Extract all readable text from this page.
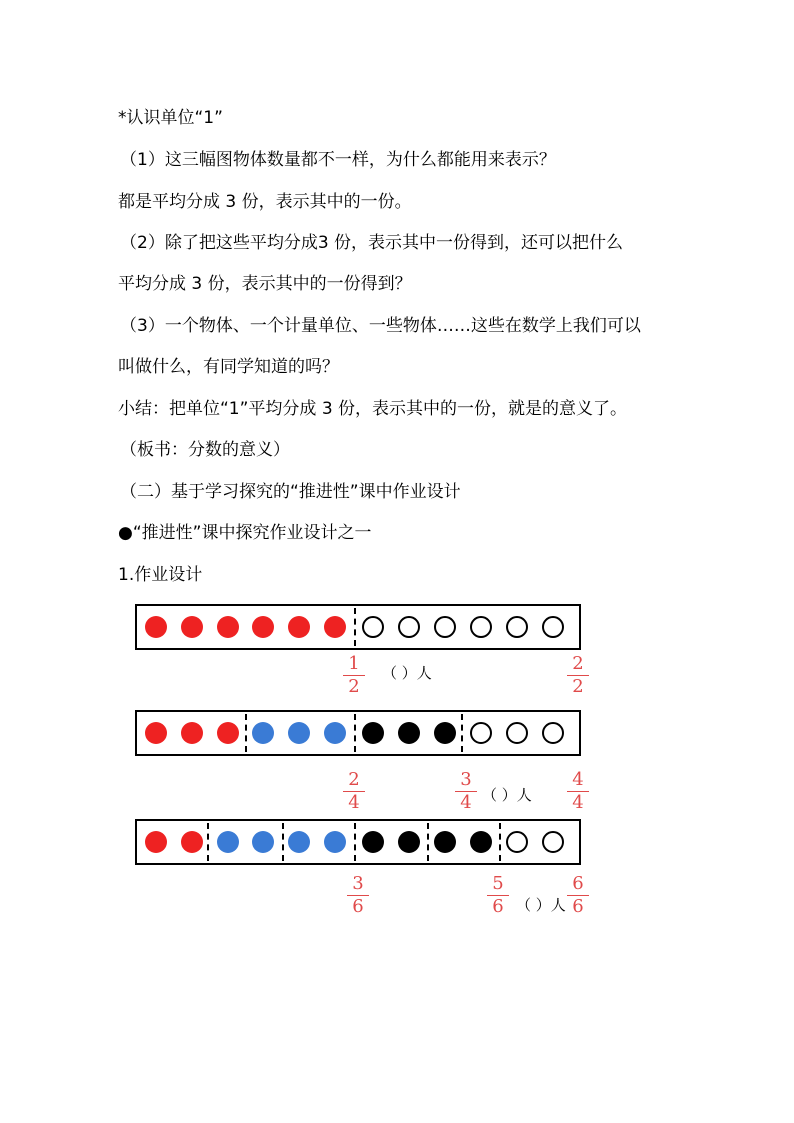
*认识单位“1”
（1）这三幅图物体数量都不一样，为什么都能用来表示？
都是平均分成 3 份，表示其中的一份。
（2）除了把这些平均分成3 份，表示其中一份得到，还可以把什么
平均分成 3 份，表示其中的一份得到？
（3）一个物体、一个计量单位、一些物体……这些在数学上我们可以
叫做什么，有同学知道的吗？
小结：把单位“1”平均分成 3 份，表示其中的一份，就是的意义了。
（板书：分数的意义）
（二）基于学习探究的“推进性”课中作业设计
●“推进性”课中探究作业设计之一
1.作业设计
1
2
（ ）人	2
2
2
4
3
4 （ ）人
4
4
3
6
5
6 （ ）人
6
6
